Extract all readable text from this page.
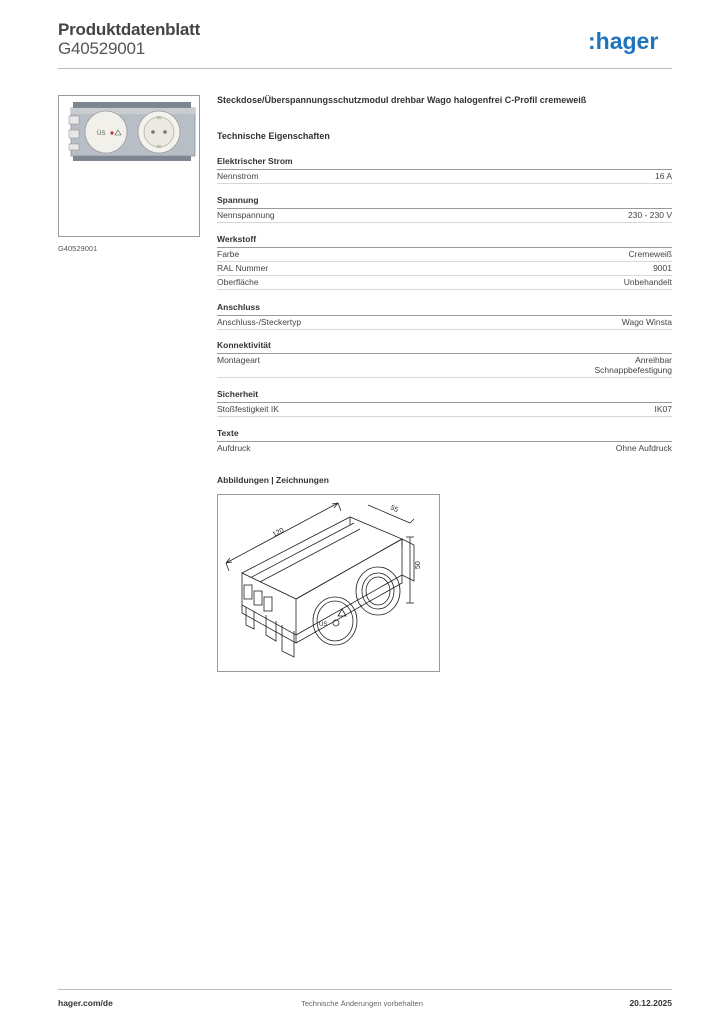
Produktdatenblatt
G40529001	:hager
ÜS
G40529001
Steckdose/Überspannungsschutzmodul drehbar Wago halogenfrei C-Profil cremeweiß
Technische Eigenschaften
Elektrischer Strom
Nennstrom	16 A
Spannung
Nennspannung	230 - 230 V
Werkstoff
Farbe	Cremeweiß
RAL Nummer	9001
Oberfläche	Unbehandelt
Anschluss
Anschluss-/Steckertyp	Wago Winsta
Konnektivität
Montageart	Anreihbar
Schnappbefestigung
Sicherheit
Stoßfestigkeit IK	IK07
Texte
Aufdruck	Ohne Aufdruck
Abbildungen | Zeichnungen
120
55
50
ÜS
hager.com/de	Technische Änderungen vorbehalten	20.12.2025
